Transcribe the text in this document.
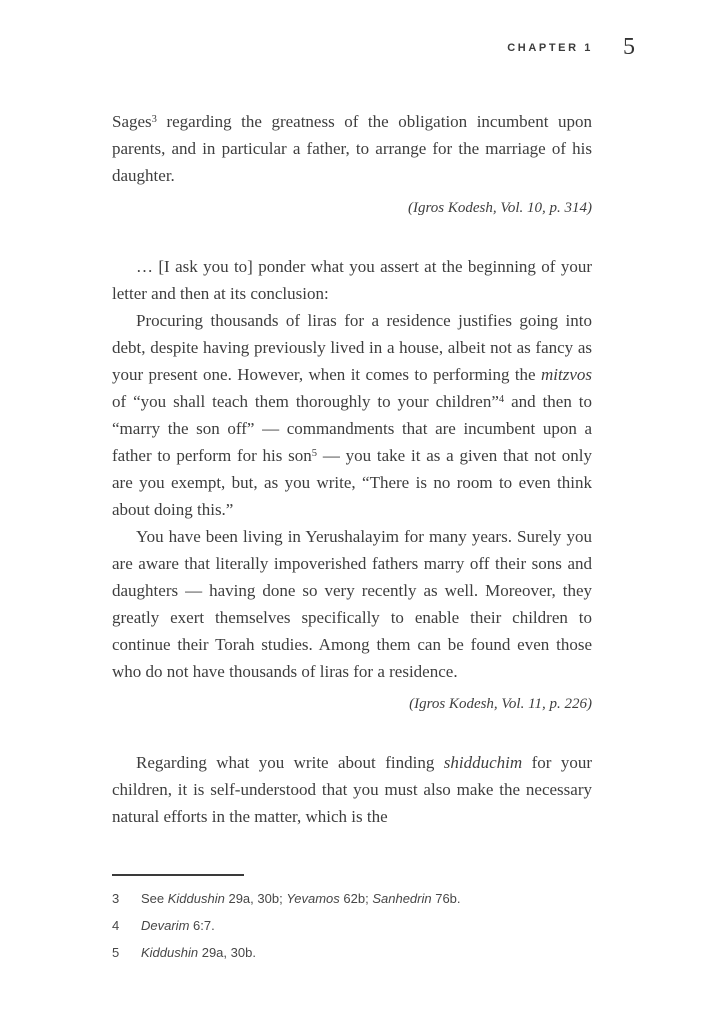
CHAPTER 1 5

Sages$^3$ regarding the greatness of the obligation incumbent upon parents, and in particular a father, to arrange for the marriage of his daughter.

(Igros Kodesh, Vol. 10, p. 314)

… [I ask you to] ponder what you assert at the beginning of your letter and then at its conclusion:

Procuring thousands of liras for a residence justifies going into debt, despite having previously lived in a house, albeit not as fancy as your present one. However, when it comes to performing the mitzvos of “you shall teach them thoroughly to your children”$^4$ and then to “marry the son off” — commandments that are incumbent upon a father to perform for his son$^5$ — you take it as a given that not only are you exempt, but, as you write, “There is no room to even think about doing this.”

You have been living in Yerushalayim for many years. Surely you are aware that literally impoverished fathers marry off their sons and daughters — having done so very recently as well. Moreover, they greatly exert themselves specifically to enable their children to continue their Torah studies. Among them can be found even those who do not have thousands of liras for a residence.

(Igros Kodesh, Vol. 11, p. 226)

Regarding what you write about finding shidduchim for your children, it is self-understood that you must also make the necessary natural efforts in the matter, which is the

3	See Kiddushin 29a, 30b; Yevamos 62b; Sanhedrin 76b.
4	Devarim 6:7.
5	Kiddushin 29a, 30b.
